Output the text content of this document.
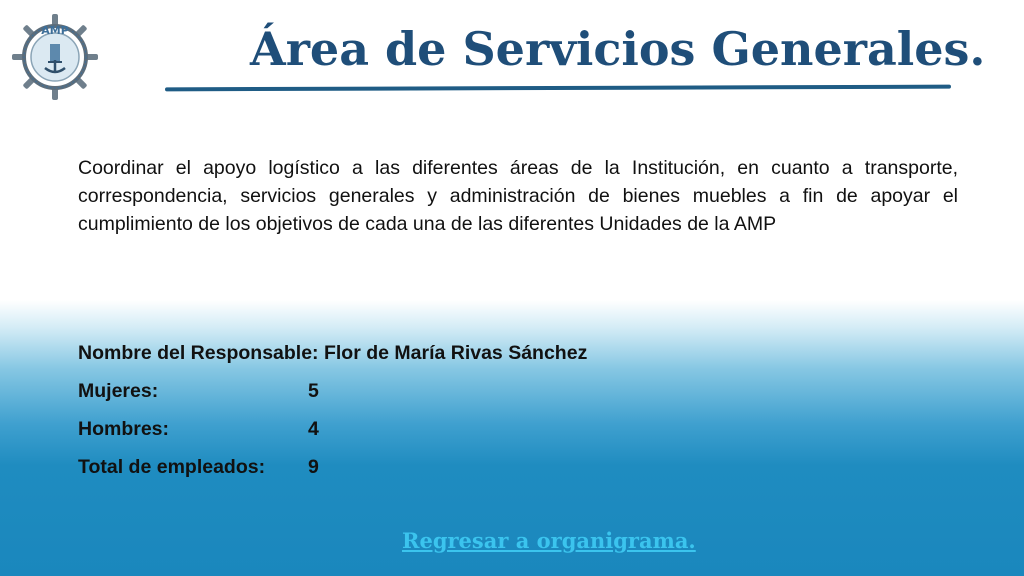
AMP	Área de Servicios Generales.

Coordinar el apoyo logístico a las diferentes áreas de la Institución, en cuanto a transporte, correspondencia, servicios generales y administración de bienes muebles a fin de apoyar el cumplimiento de los objetivos de cada una de las diferentes Unidades de la AMP

Nombre del Responsable: Flor de María Rivas Sánchez
Mujeres:	5
Hombres:	4
Total de empleados: 9
Regresar a organigrama.
